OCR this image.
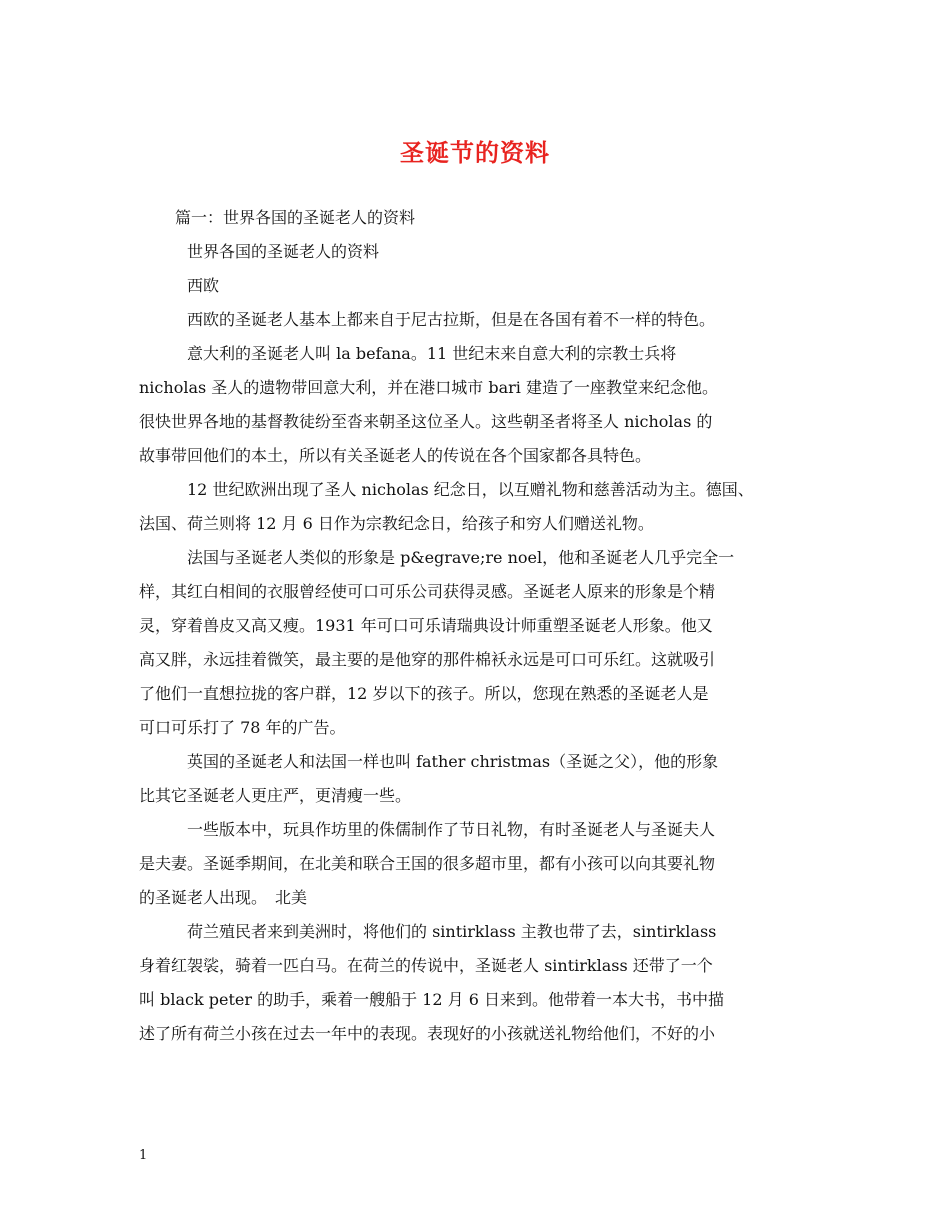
圣诞节的资料
篇一：世界各国的圣诞老人的资料
世界各国的圣诞老人的资料
西欧
西欧的圣诞老人基本上都来自于尼古拉斯，但是在各国有着不一样的特色。
意大利的圣诞老人叫 la befana。11 世纪末来自意大利的宗教士兵将
nicholas 圣人的遗物带回意大利，并在港口城市 bari 建造了一座教堂来纪念他。
很快世界各地的基督教徒纷至沓来朝圣这位圣人。这些朝圣者将圣人 nicholas 的
故事带回他们的本土，所以有关圣诞老人的传说在各个国家都各具特色。
12 世纪欧洲出现了圣人 nicholas 纪念日，以互赠礼物和慈善活动为主。德国、
法国、荷兰则将 12 月 6 日作为宗教纪念日，给孩子和穷人们赠送礼物。
法国与圣诞老人类似的形象是 p&egrave;re noel，他和圣诞老人几乎完全一
样，其红白相间的衣服曾经使可口可乐公司获得灵感。圣诞老人原来的形象是个精
灵，穿着兽皮又高又瘦。1931 年可口可乐请瑞典设计师重塑圣诞老人形象。他又
高又胖，永远挂着微笑，最主要的是他穿的那件棉袄永远是可口可乐红。这就吸引
了他们一直想拉拢的客户群，12 岁以下的孩子。所以，您现在熟悉的圣诞老人是
可口可乐打了 78 年的广告。
英国的圣诞老人和法国一样也叫 father christmas（圣诞之父），他的形象
比其它圣诞老人更庄严，更清瘦一些。
一些版本中，玩具作坊里的侏儒制作了节日礼物，有时圣诞老人与圣诞夫人
是夫妻。圣诞季期间，在北美和联合王国的很多超市里，都有小孩可以向其要礼物
的圣诞老人出现。　北美
荷兰殖民者来到美洲时，将他们的 sintirklass 主教也带了去，sintirklass
身着红袈裟，骑着一匹白马。在荷兰的传说中，圣诞老人 sintirklass 还带了一个
叫 black peter 的助手，乘着一艘船于 12 月 6 日来到。他带着一本大书，书中描
述了所有荷兰小孩在过去一年中的表现。表现好的小孩就送礼物给他们，不好的小
1
